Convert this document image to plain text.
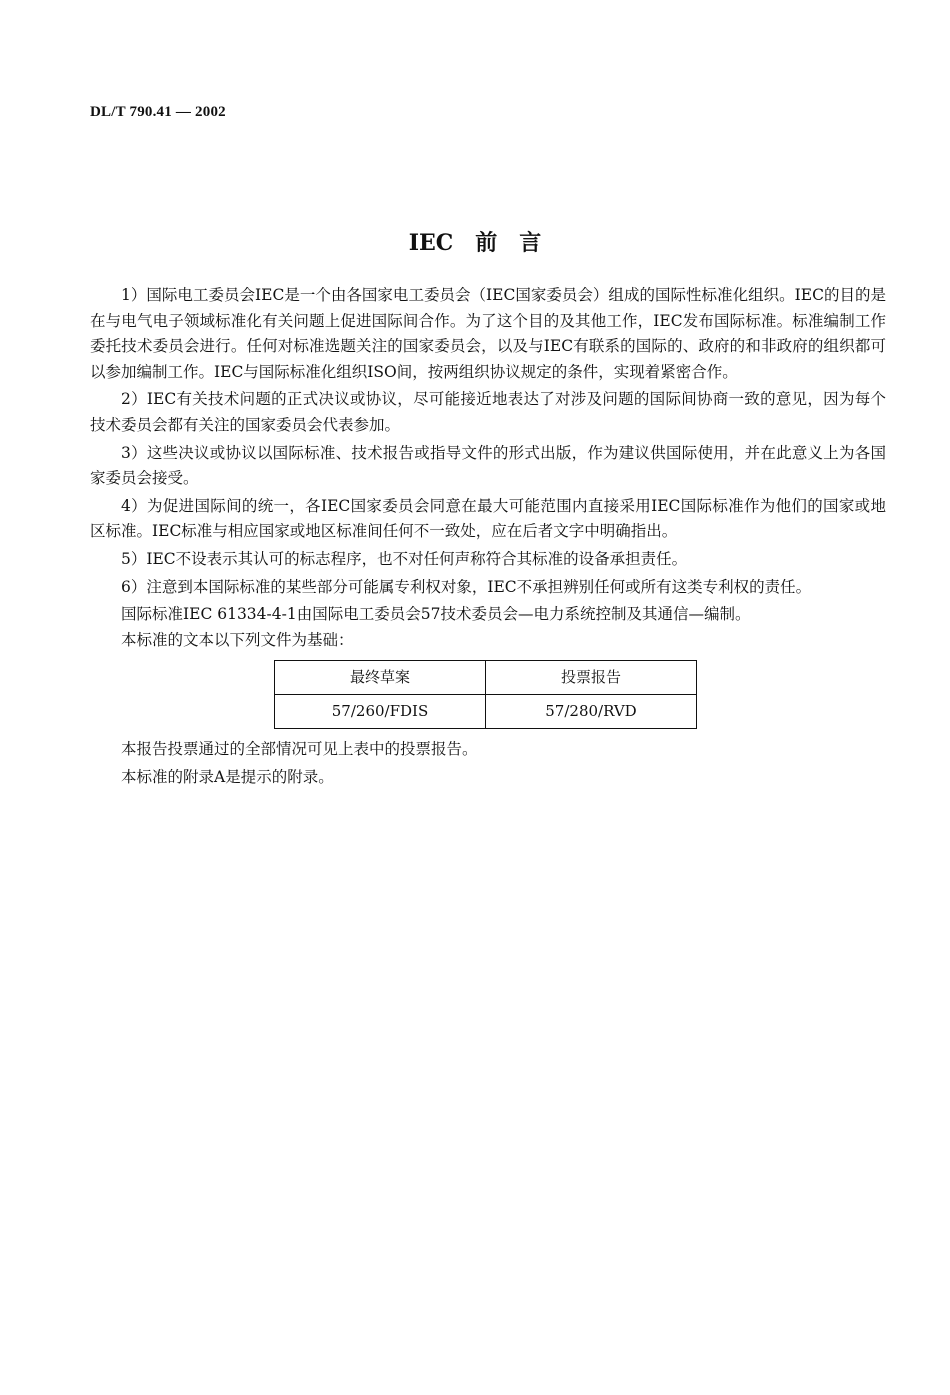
DL/T 790.41 — 2002
IEC 前 言

1）国际电工委员会IEC是一个由各国家电工委员会（IEC国家委员会）组成的国际性标准化组织。IEC的目的是在与电气电子领域标准化有关问题上促进国际间合作。为了这个目的及其他工作，IEC发布国际标准。标准编制工作委托技术委员会进行。任何对标准选题关注的国家委员会，以及与IEC有联系的国际的、政府的和非政府的组织都可以参加编制工作。IEC与国际标准化组织ISO间，按两组织协议规定的条件，实现着紧密合作。

2）IEC有关技术问题的正式决议或协议，尽可能接近地表达了对涉及问题的国际间协商一致的意见，因为每个技术委员会都有关注的国家委员会代表参加。

3）这些决议或协议以国际标准、技术报告或指导文件的形式出版，作为建议供国际使用，并在此意义上为各国家委员会接受。

4）为促进国际间的统一，各IEC国家委员会同意在最大可能范围内直接采用IEC国际标准作为他们的国家或地区标准。IEC标准与相应国家或地区标准间任何不一致处，应在后者文字中明确指出。

5）IEC不设表示其认可的标志程序，也不对任何声称符合其标准的设备承担责任。

6）注意到本国际标准的某些部分可能属专利权对象，IEC不承担辨别任何或所有这类专利权的责任。

国际标准IEC 61334-4-1由国际电工委员会57技术委员会—电力系统控制及其通信—编制。

本标准的文本以下列文件为基础：

最终草案	投票报告
57/260/FDIS	57/280/RVD

本报告投票通过的全部情况可见上表中的投票报告。

本标准的附录A是提示的附录。
